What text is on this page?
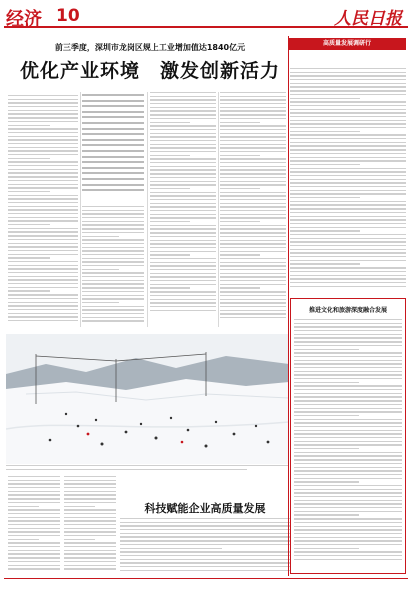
经济 10	人民日报
前三季度，深圳市龙岗区规上工业增加值达1840亿元
优化产业环境　激发创新活力
高质量发展调研行
科技赋能企业高质量发展
推进文化和旅游深度融合发展
